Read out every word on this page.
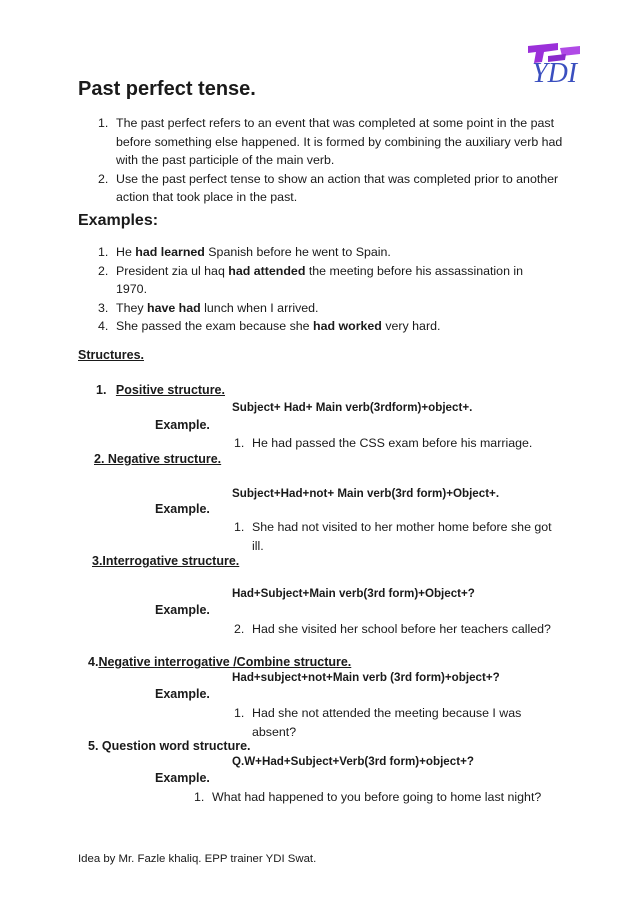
YDI
Past perfect tense.
1. The past perfect refers to an event that was completed at some point in the past before something else happened. It is formed by combining the auxiliary verb had with the past participle of the main verb.
2. Use the past perfect tense to show an action that was completed prior to another action that took place in the past.
Examples:
1. He had learned Spanish before he went to Spain.
2. President zia ul haq had attended the meeting before his assassination in 1970.
3. They have had lunch when I arrived.
4. She passed the exam because she had worked very hard.
Structures.
1. Positive structure.
Subject+ Had+ Main verb(3rdform)+object+.
Example.
1. He had passed the CSS exam before his marriage.
2. Negative structure.
Subject+Had+not+ Main verb(3rd form)+Object+.
Example.
1. She had not visited to her mother home before she got ill.
3.Interrogative structure.
Had+Subject+Main verb(3rd form)+Object+?
Example.
2. Had she visited her school before her teachers called?
4.Negative interrogative /Combine structure.
Had+subject+not+Main verb (3rd form)+object+?
Example.
1. Had she not attended the meeting because I was absent?
5. Question word structure.
Q.W+Had+Subject+Verb(3rd form)+object+?
Example.
1. What had happened to you before going to home last night?
Idea by Mr. Fazle khaliq. EPP trainer YDI Swat.
